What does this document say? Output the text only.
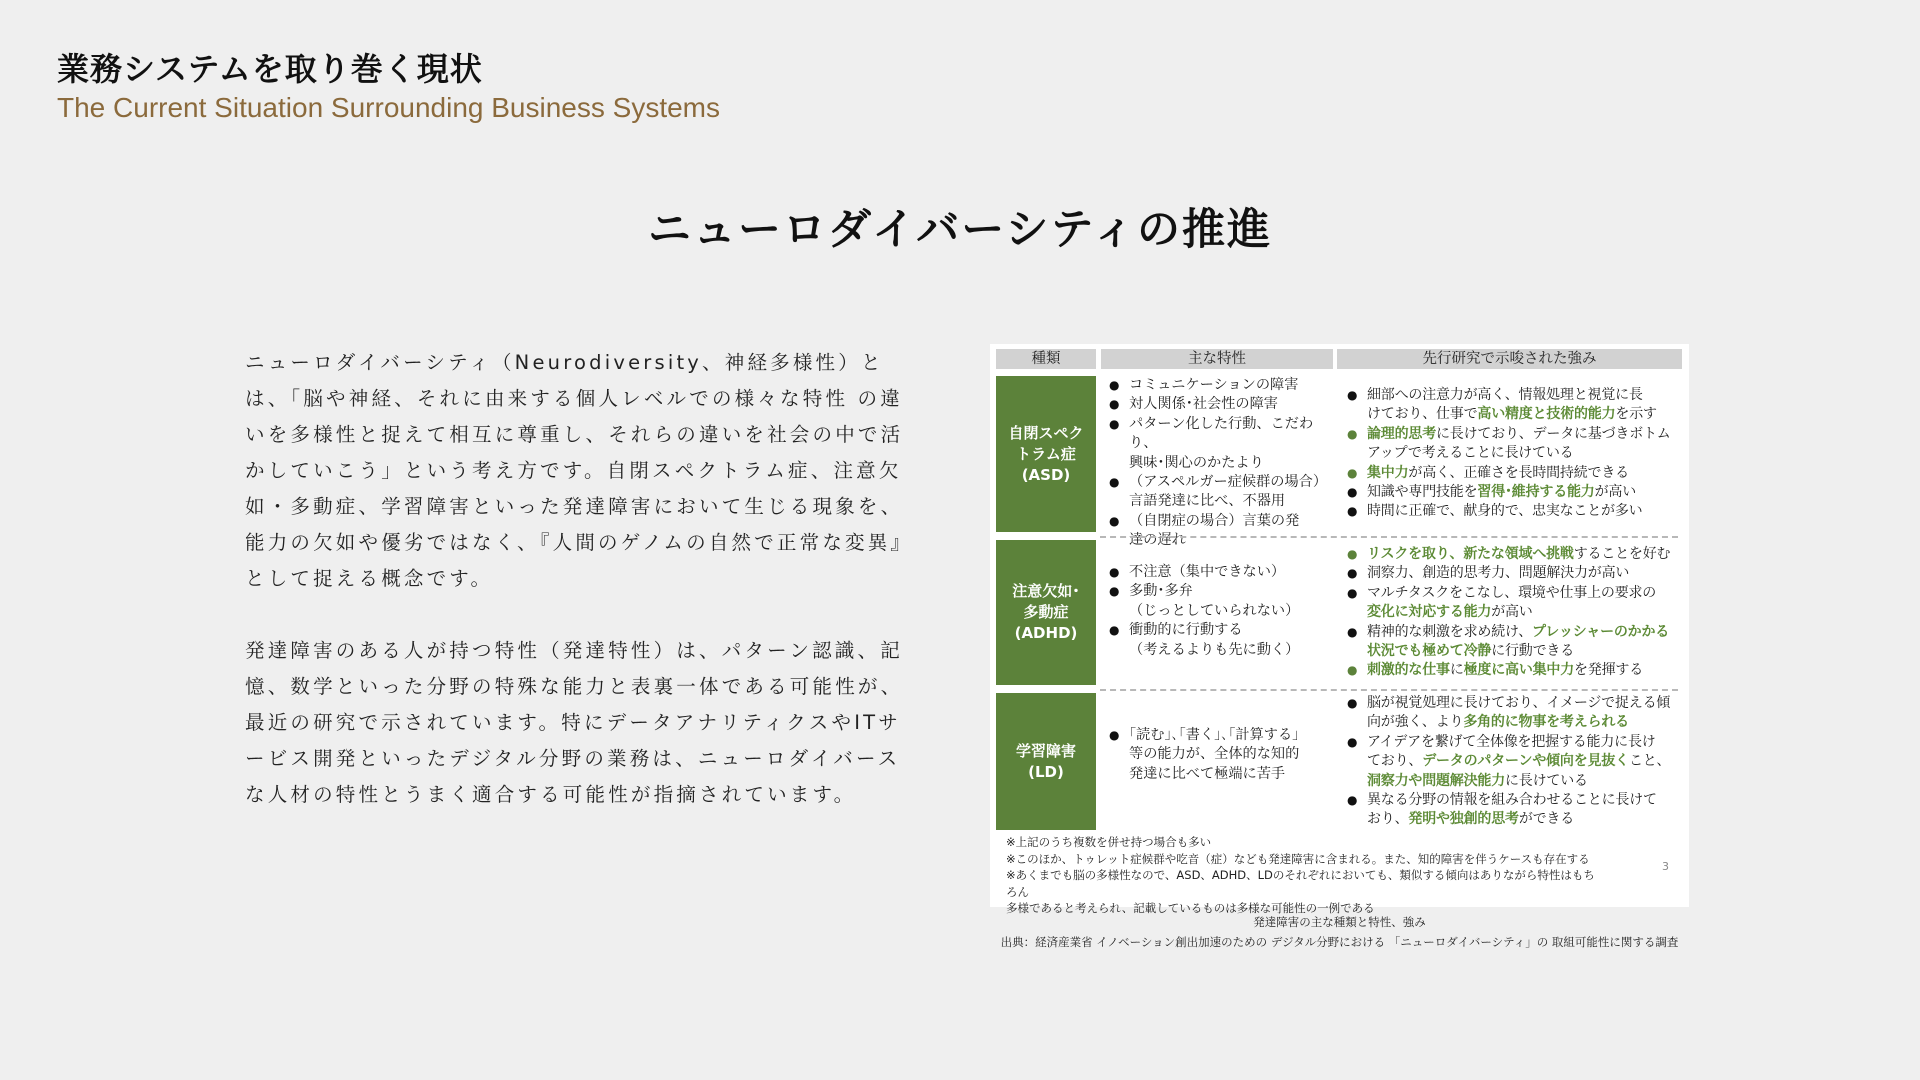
業務システムを取り巻く現状
The Current Situation Surrounding Business Systems
ニューロダイバーシティの推進

ニューロダイバーシティ（Neurodiversity、神経多様性）とは、「脳や神経、それに由来する個人レベルでの様々な特性 の違いを多様性と捉えて相互に尊重し、それらの違いを社会の中で活かしていこう」という考え方です。自閉スペクトラム症、注意欠如・多動症、学習障害といった発達障害において生じる現象を、能力の欠如や優劣ではなく、『人間のゲノムの自然で正常な変異』として捉える概念です。

発達障害のある人が持つ特性（発達特性）は、パターン認識、記憶、数学といった分野の特殊な能力と表裏一体である可能性が、最近の研究で示されています。特にデータアナリティクスやITサービス開発といったデジタル分野の業務は、ニューロダイバースな人材の特性とうまく適合する可能性が指摘されています。

種類	主な特性	先行研究で示唆された強み
自閉スペク
トラム症
(ASD)
● コミュニケーションの障害
● 対人関係･社会性の障害
● パターン化した行動、こだわり、
興味･関心のかたより
● （アスペルガー症候群の場合）
言語発達に比べ、不器用
● （自閉症の場合）言葉の発
達の遅れ
● 細部への注意力が高く、情報処理と視覚に長
けており、仕事で高い精度と技術的能力を示す
● 論理的思考に長けており、データに基づきボトム
アップで考えることに長けている
● 集中力が高く、正確さを長時間持続できる
● 知識や専門技能を習得･維持する能力が高い
● 時間に正確で、献身的で、忠実なことが多い
注意欠如･
多動症
(ADHD)
● 不注意（集中できない）
● 多動･多弁
（じっとしていられない）
● 衝動的に行動する
（考えるよりも先に動く）
● リスクを取り、新たな領域へ挑戦することを好む
● 洞察力、創造的思考力、問題解決力が高い
● マルチタスクをこなし、環境や仕事上の要求の
変化に対応する能力が高い
● 精神的な刺激を求め続け、プレッシャーのかかる
状況でも極めて冷静に行動できる
● 刺激的な仕事に極度に高い集中力を発揮する
学習障害
(LD)
● ｢読む｣､｢書く｣､｢計算する｣
等の能力が、全体的な知的
発達に比べて極端に苦手
● 脳が視覚処理に長けており、イメージで捉える傾
向が強く、より多角的に物事を考えられる
● アイデアを繋げて全体像を把握する能力に長け
ており、データのパターンや傾向を見抜くこと、
洞察力や問題解決能力に長けている
● 異なる分野の情報を組み合わせることに長けて
おり、発明や独創的思考ができる
※上記のうち複数を併せ持つ場合も多い
※このほか、トゥレット症候群や吃音（症）なども発達障害に含まれる。また、知的障害を伴うケースも存在する
※あくまでも脳の多様性なので、ASD、ADHD、LDのそれぞれにおいても、類似する傾向はありながら特性はもちろん
多様であると考えられ、記載しているものは多様な可能性の一例である
3
発達障害の主な種類と特性、強み
出典：経済産業省 イノベーション創出加速のための デジタル分野における 「ニューロダイバーシティ」の 取組可能性に関する調査
